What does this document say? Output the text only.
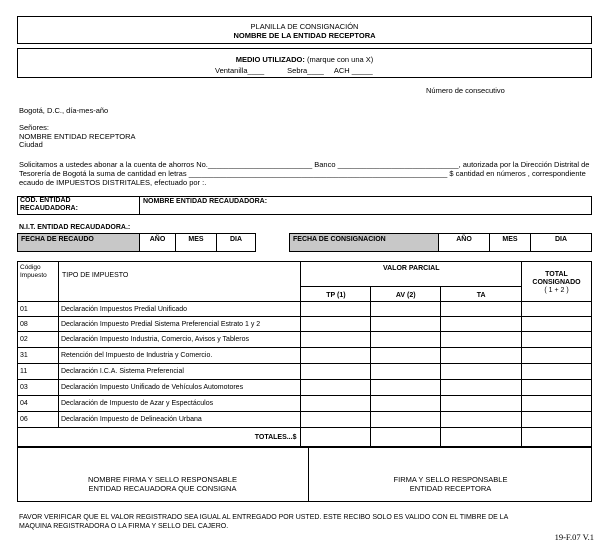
PLANILLA DE CONSIGNACIÓN
NOMBRE DE LA ENTIDAD RECEPTORA
MEDIO UTILIZADO: (marque con una X)
Ventanilla____	Sebra____ ACH _____
Número de consecutivo
Bogotá, D.C., día-mes-año
Señores:
NOMBRE ENTIDAD RECEPTORA
Ciudad
Solicitamos a ustedes abonar a la cuenta de ahorros No._________________________ Banco _____________________________, autorizada por la Dirección Distrital de
Tesorería de Bogotá la suma de cantidad en letras ______________________________________________________________ $ cantidad en números , correspondiente
ecaudo de IMPUESTOS DISTRITALES, efectuado por :.
COD. ENTIDAD RECAUDADORA:
NOMBRE ENTIDAD RECAUDADORA:
N.I.T. ENTIDAD RECAUDADORA.:
FECHA DE RECAUDO	AÑO	MES	DIA	FECHA DE CONSIGNACION	AÑO	MES	DIA
Código Impuesto	TIPO DE IMPUESTO	VALOR PARCIAL			TOTAL CONSIGNADO
( 1 + 2 )

		TP (1)	AV (2)	TA	
01	Declaración Impuestos Predial Unificado				
08	Declaración Impuesto Predial Sistema Preferencial Estrato 1 y 2				
02	Declaración Impuesto Industria, Comercio, Avisos y Tableros				
31	Retención del Impuesto de Industria y Comercio.				
11	Declaración I.C.A. Sistema Preferencial				
03	Declaración Impuesto Unificado de Vehículos Automotores				
04	Declaración de Impuesto de Azar y Espectáculos				
06	Declaración Impuesto de Delineación Urbana				
TOTALES...$					
NOMBRE FIRMA Y SELLO RESPONSABLE
ENTIDAD RECAUADORA QUE CONSIGNA
FIRMA Y SELLO RESPONSABLE
ENTIDAD RECEPTORA
FAVOR VERIFICAR QUE EL VALOR REGISTRADO SEA IGUAL AL ENTREGADO POR USTED. ESTE RECIBO SOLO ES VALIDO CON EL TIMBRE DE LA
MAQUINA REGISTRADORA O LA FIRMA Y SELLO DEL CAJERO.
19-F.07 V.1
